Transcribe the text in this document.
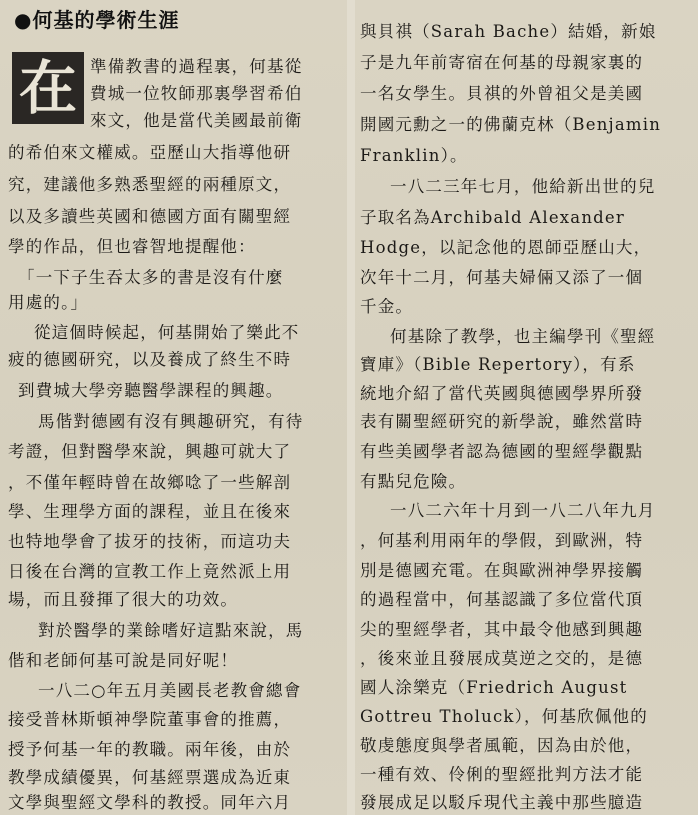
●何基的學術生涯
在 準備教書的過程裏，何基從
費城一位牧師那裏學習希伯
來文，他是當代美國最前衛
的希伯來文權威。亞歷山大指導他研
究，建議他多熟悉聖經的兩種原文，
以及多讀些英國和德國方面有關聖經
學的作品，但也睿智地提醒他：
「一下子生吞太多的書是沒有什麼
用處的。」
從這個時候起，何基開始了樂此不
疲的德國研究，以及養成了終生不時
到費城大學旁聽醫學課程的興趣。
馬偕對德國有沒有興趣研究，有待
考證，但對醫學來說，興趣可就大了
，不僅年輕時曾在故鄉唸了一些解剖
學、生理學方面的課程，並且在後來
也特地學會了拔牙的技術，而這功夫
日後在台灣的宣教工作上竟然派上用
場，而且發揮了很大的功效。
對於醫學的業餘嗜好這點來說，馬
偕和老師何基可說是同好呢！
一八二○年五月美國長老教會總會
接受普林斯頓神學院董事會的推薦，
授予何基一年的教職。兩年後，由於
教學成績優異，何基經票選成為近東
文學與聖經文學科的教授。同年六月
與貝祺（Sarah Bache）結婚，新娘
子是九年前寄宿在何基的母親家裏的
一名女學生。貝祺的外曾祖父是美國
開國元勳之一的佛蘭克林（Benjamin
Franklin）。
一八二三年七月，他給新出世的兒
子取名為Archibald Alexander
Hodge，以記念他的恩師亞歷山大，
次年十二月，何基夫婦倆又添了一個
千金。
何基除了教學，也主編學刊《聖經
寶庫》（Bible Repertory），有系
統地介紹了當代英國與德國學界所發
表有關聖經研究的新學說，雖然當時
有些美國學者認為德國的聖經學觀點
有點兒危險。
一八二六年十月到一八二八年九月
，何基利用兩年的學假，到歐洲，特
別是德國充電。在與歐洲神學界接觸
的過程當中，何基認識了多位當代頂
尖的聖經學者，其中最令他感到興趣
，後來並且發展成莫逆之交的，是德
國人涂樂克（Friedrich August
Gottreu Tholuck），何基欣佩他的
敬虔態度與學者風範，因為由於他，
一種有效、伶俐的聖經批判方法才能
發展成足以駁斥現代主義中那些臆造
